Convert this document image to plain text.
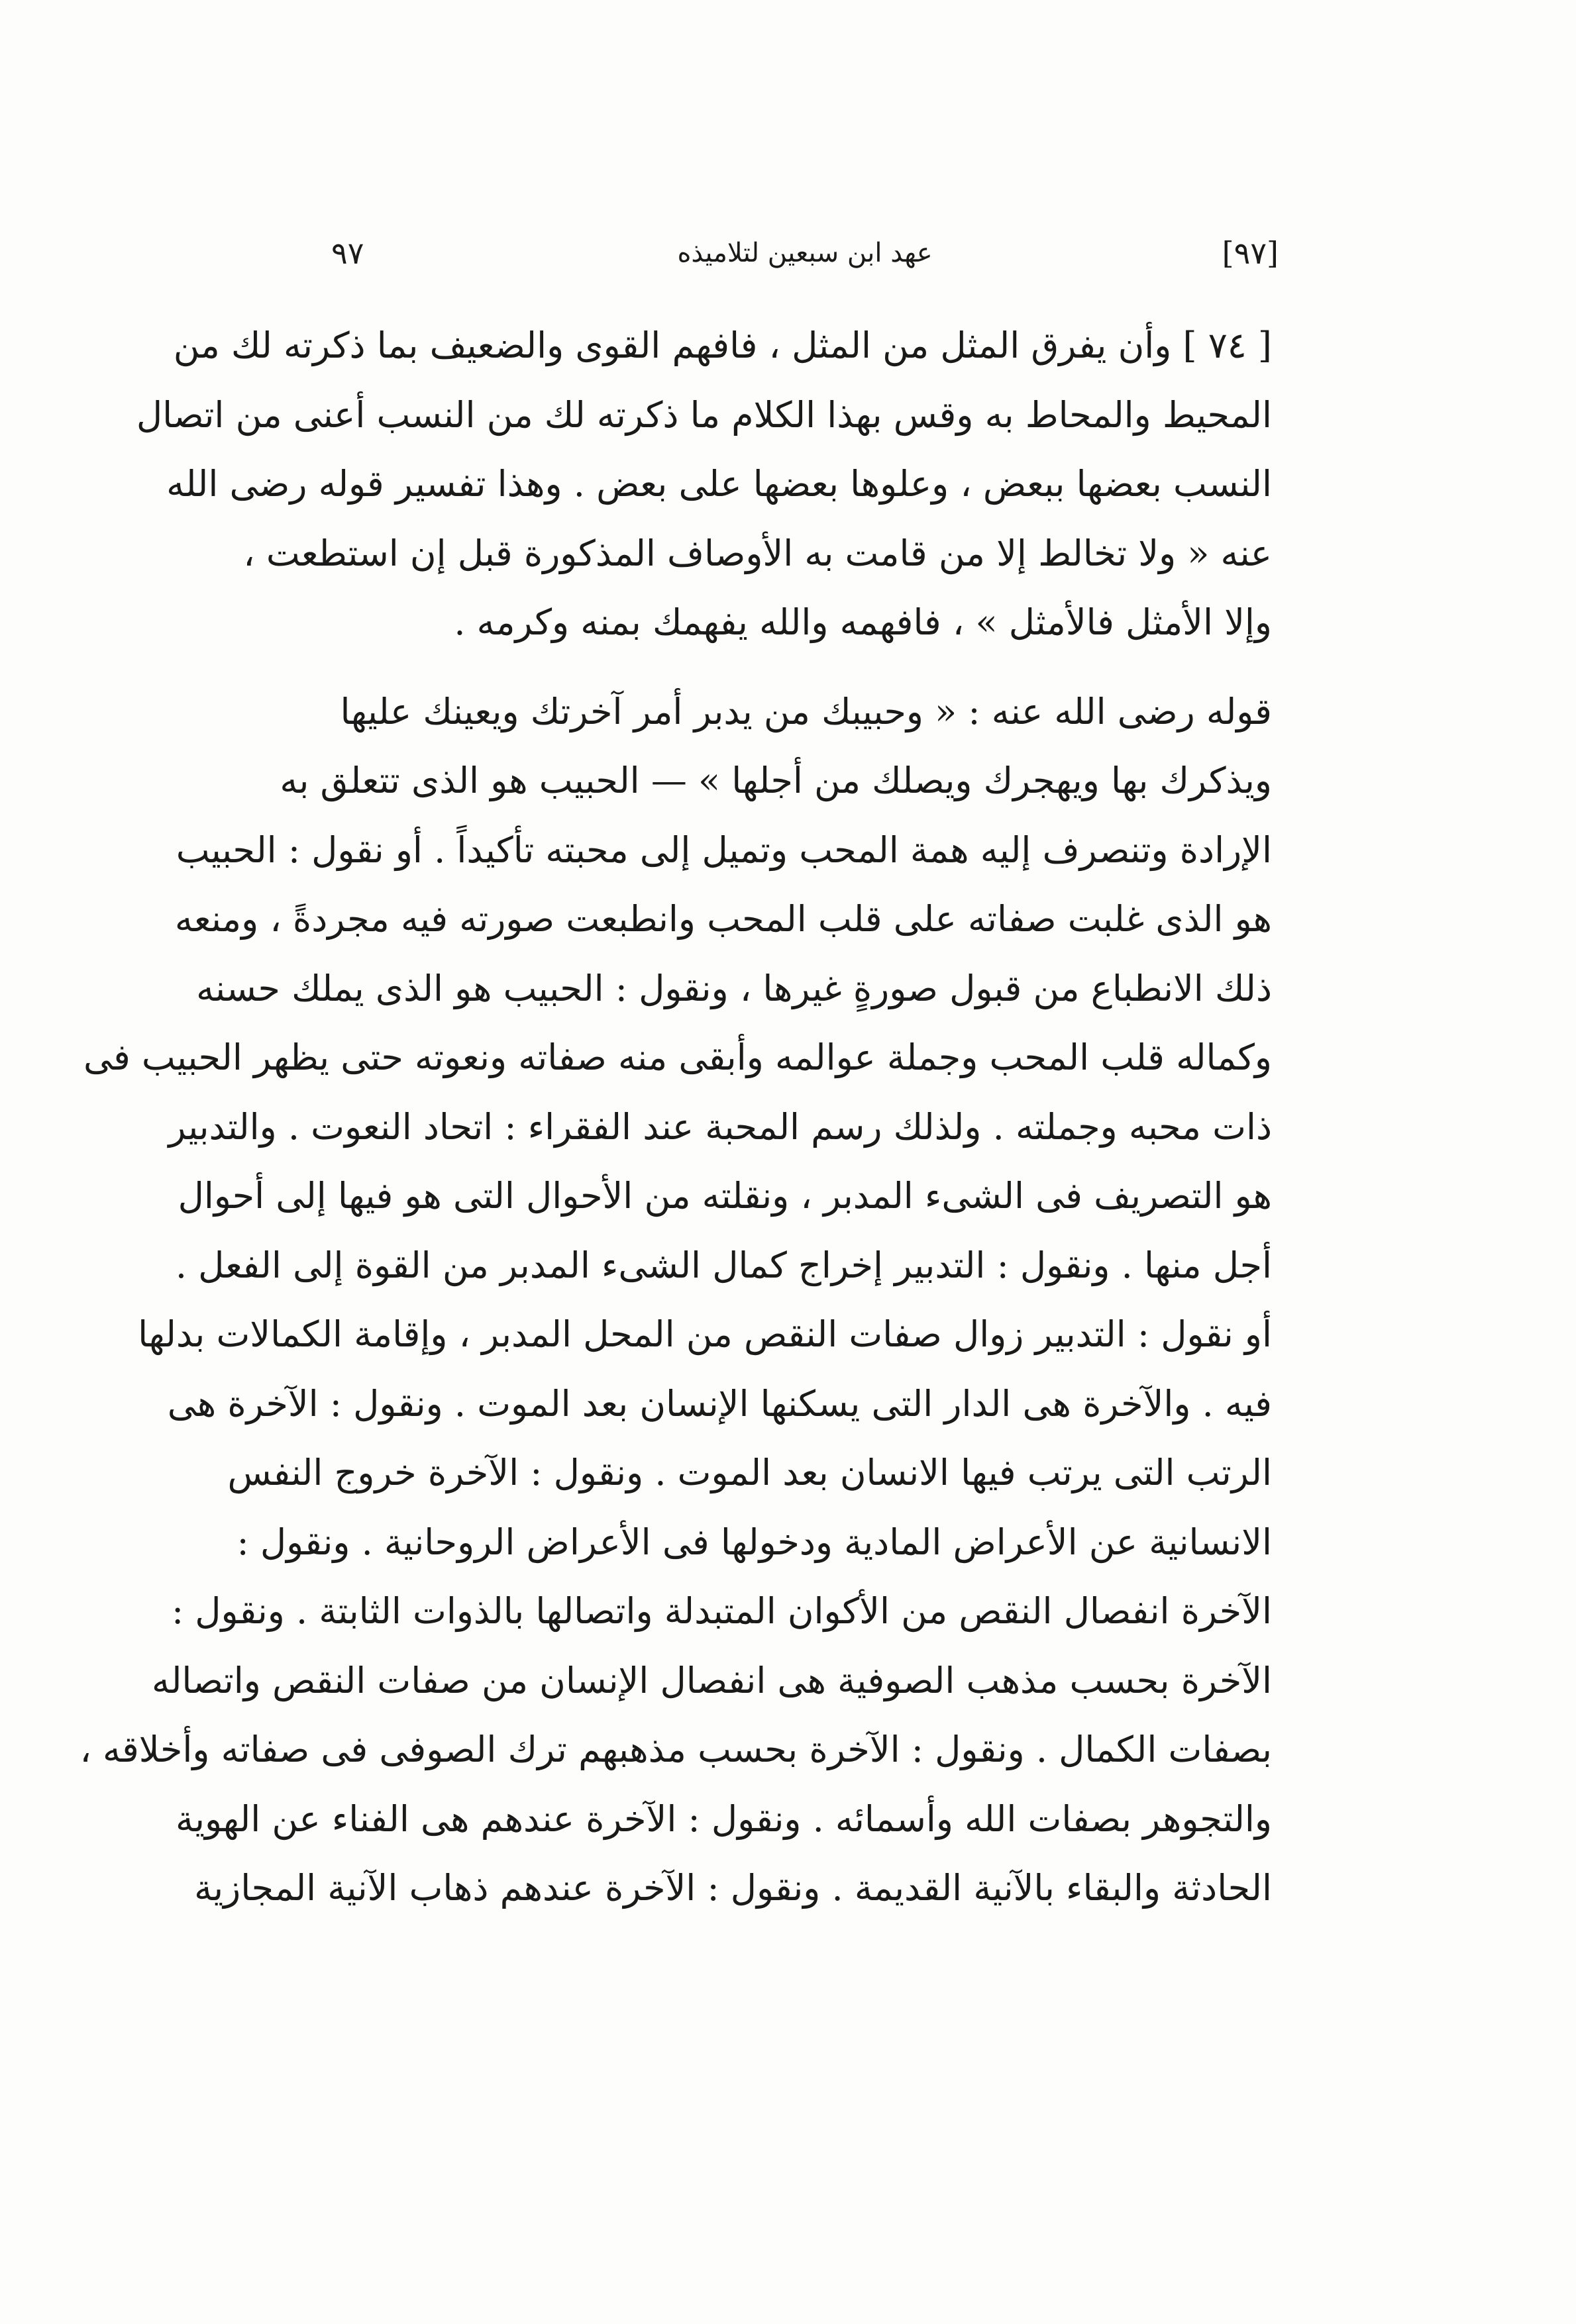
[٩٧]
عهد ابن سبعين لتلاميذه
٩٧

[ ٧٤ ] وأن يفرق المثل من المثل ، فافهم القوى والضعيف بما ذكرته لك من
المحيط والمحاط به وقس بهذا الكلام ما ذكرته لك من النسب أعنى من اتصال
النسب بعضها ببعض ، وعلوها بعضها على بعض . وهذا تفسير قوله رضى الله
عنه « ولا تخالط إلا من قامت به الأوصاف المذكورة قبل إن استطعت ،
وإلا الأمثل فالأمثل » ، فافهمه والله يفهمك بمنه وكرمه .

قوله رضى الله عنه : « وحبيبك من يدبر أمر آخرتك ويعينك عليها
ويذكرك بها ويهجرك ويصلك من أجلها » — الحبيب هو الذى تتعلق به
الإرادة وتنصرف إليه همة المحب وتميل إلى محبته تأكيداً . أو نقول : الحبيب
هو الذى غلبت صفاته على قلب المحب وانطبعت صورته فيه مجردةً ، ومنعه
ذلك الانطباع من قبول صورةٍ غيرها ، ونقول : الحبيب هو الذى يملك حسنه
وكماله قلب المحب وجملة عوالمه وأبقى منه صفاته ونعوته حتى يظهر الحبيب فى
ذات محبه وجملته . ولذلك رسم المحبة عند الفقراء : اتحاد النعوت . والتدبير
هو التصريف فى الشىء المدبر ، ونقلته من الأحوال التى هو فيها إلى أحوال
أجل منها . ونقول : التدبير إخراج كمال الشىء المدبر من القوة إلى الفعل .
أو نقول : التدبير زوال صفات النقص من المحل المدبر ، وإقامة الكمالات بدلها
فيه . والآخرة هى الدار التى يسكنها الإنسان بعد الموت . ونقول : الآخرة هى
الرتب التى يرتب فيها الانسان بعد الموت . ونقول : الآخرة خروج النفس
الانسانية عن الأعراض المادية ودخولها فى الأعراض الروحانية . ونقول :
الآخرة انفصال النقص من الأكوان المتبدلة واتصالها بالذوات الثابتة . ونقول :
الآخرة بحسب مذهب الصوفية هى انفصال الإنسان من صفات النقص واتصاله
بصفات الكمال . ونقول : الآخرة بحسب مذهبهم ترك الصوفى فى صفاته وأخلاقه ،
والتجوهر بصفات الله وأسمائه . ونقول : الآخرة عندهم هى الفناء عن الهوية
الحادثة والبقاء بالآنية القديمة . ونقول : الآخرة عندهم ذهاب الآنية المجازية
